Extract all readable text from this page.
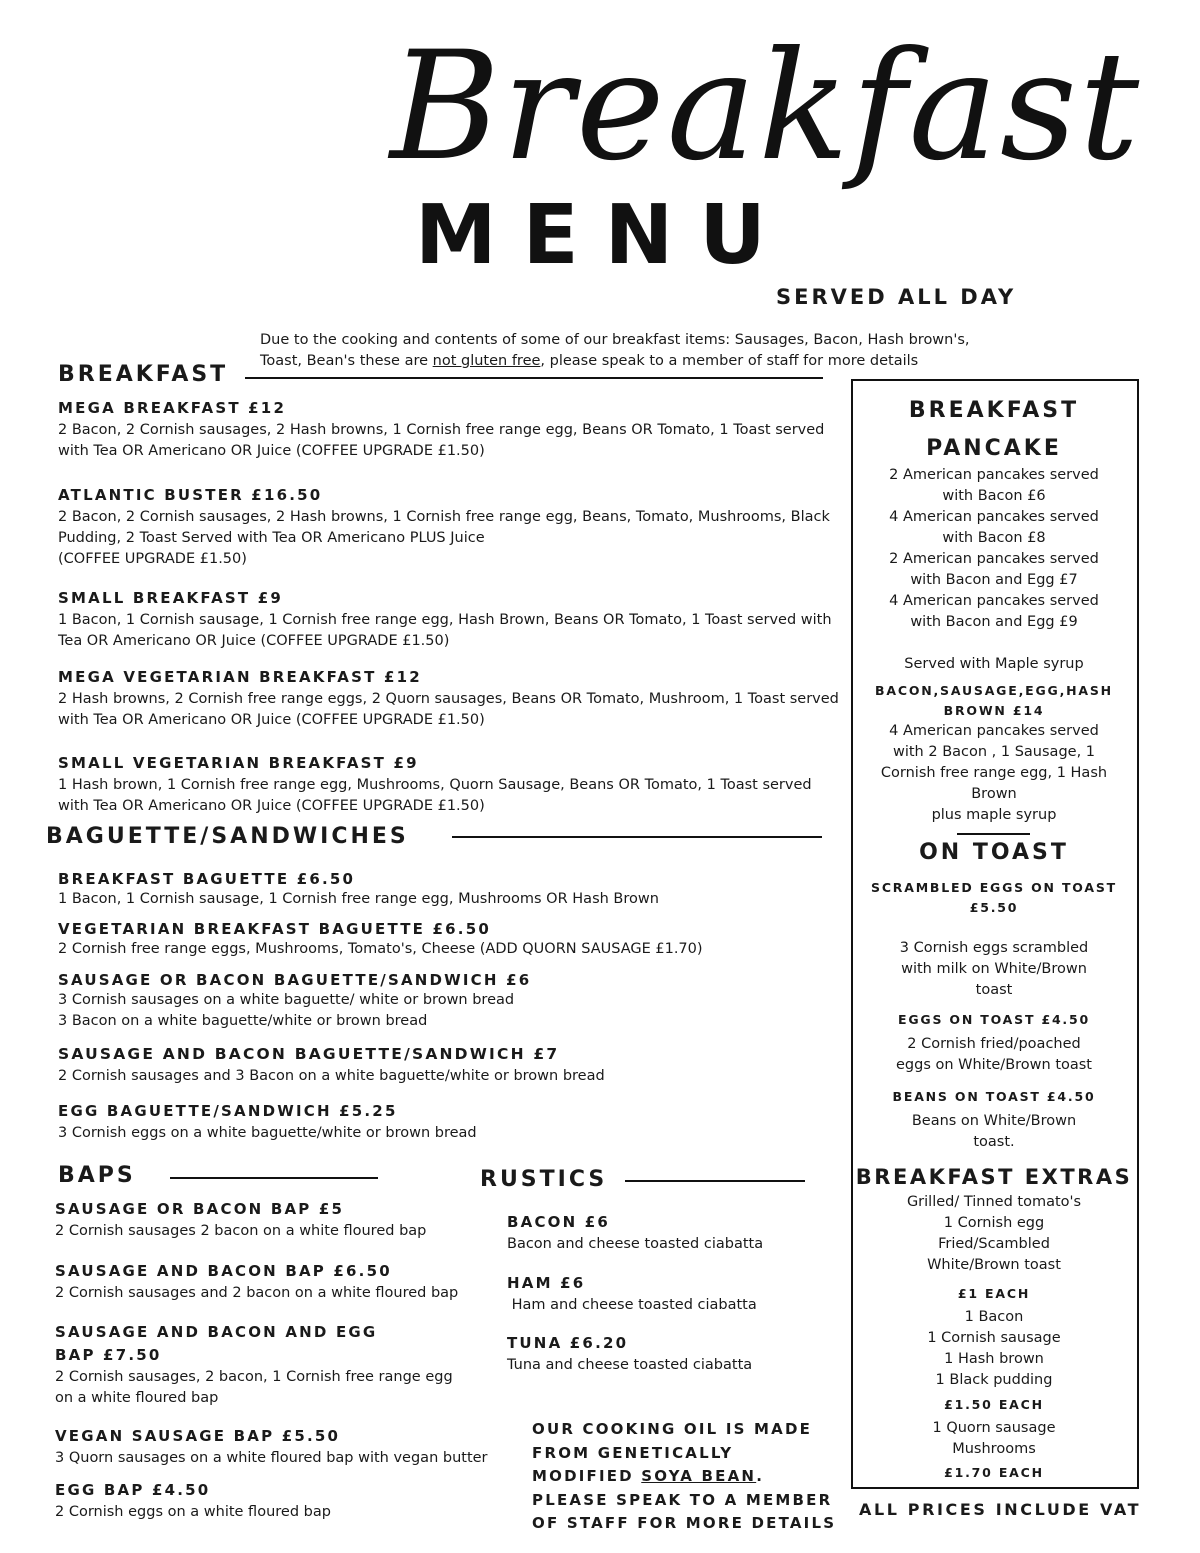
Breakfast
MENU
SERVED ALL DAY
Due to the cooking and contents of some of our breakfast items: Sausages, Bacon, Hash brown's,
Toast, Bean's these are not gluten free, please speak to a member of staff for more details
BREAKFAST
MEGA BREAKFAST £12
2 Bacon, 2 Cornish sausages, 2 Hash browns, 1 Cornish free range egg, Beans OR Tomato, 1 Toast served with Tea OR Americano OR Juice (COFFEE UPGRADE £1.50)
ATLANTIC BUSTER £16.50
2 Bacon, 2 Cornish sausages, 2 Hash browns, 1 Cornish free range egg, Beans, Tomato, Mushrooms, Black Pudding, 2 Toast Served with Tea OR Americano PLUS Juice
(COFFEE UPGRADE £1.50)
SMALL BREAKFAST £9
1 Bacon, 1 Cornish sausage, 1 Cornish free range egg, Hash Brown, Beans OR Tomato, 1 Toast served with Tea OR Americano OR Juice (COFFEE UPGRADE £1.50)
MEGA VEGETARIAN BREAKFAST £12
2 Hash browns, 2 Cornish free range eggs, 2 Quorn sausages, Beans OR Tomato, Mushroom, 1 Toast served with Tea OR Americano OR Juice (COFFEE UPGRADE £1.50)
SMALL VEGETARIAN BREAKFAST £9
1 Hash brown, 1 Cornish free range egg, Mushrooms, Quorn Sausage, Beans OR Tomato, 1 Toast served with Tea OR Americano OR Juice (COFFEE UPGRADE £1.50)
BAGUETTE/SANDWICHES
BREAKFAST BAGUETTE £6.50
1 Bacon, 1 Cornish sausage, 1 Cornish free range egg, Mushrooms OR Hash Brown
VEGETARIAN BREAKFAST BAGUETTE £6.50
2 Cornish free range eggs, Mushrooms, Tomato's, Cheese (ADD QUORN SAUSAGE £1.70)
SAUSAGE OR BACON BAGUETTE/SANDWICH £6
3 Cornish sausages on a white baguette/ white or brown bread
3 Bacon on a white baguette/white or brown bread
SAUSAGE AND BACON BAGUETTE/SANDWICH £7
2 Cornish sausages and 3 Bacon on a white baguette/white or brown bread
EGG BAGUETTE/SANDWICH £5.25
3 Cornish eggs on a white baguette/white or brown bread
BAPS
SAUSAGE OR BACON BAP £5
2 Cornish sausages 2 bacon on a white floured bap
SAUSAGE AND BACON BAP £6.50
2 Cornish sausages and 2 bacon on a white floured bap
SAUSAGE AND BACON AND EGG
BAP £7.50
2 Cornish sausages, 2 bacon, 1 Cornish free range egg
on a white floured bap
VEGAN SAUSAGE BAP £5.50
3 Quorn sausages on a white floured bap with vegan butter
EGG BAP £4.50
2 Cornish eggs on a white floured bap
RUSTICS
BACON £6
Bacon and cheese toasted ciabatta
HAM £6
Ham and cheese toasted ciabatta
TUNA £6.20
Tuna and cheese toasted ciabatta
OUR COOKING OIL IS MADE
FROM GENETICALLY
MODIFIED SOYA BEAN.
PLEASE SPEAK TO A MEMBER
OF STAFF FOR MORE DETAILS
BREAKFAST
PANCAKE
2 American pancakes served
with Bacon £6
4 American pancakes served
with Bacon £8
2 American pancakes served
with Bacon and Egg £7
4 American pancakes served
with Bacon and Egg £9
Served with Maple syrup
BACON,SAUSAGE,EGG,HASH
BROWN £14
4 American pancakes served
with 2 Bacon , 1 Sausage, 1
Cornish free range egg, 1 Hash
Brown
plus maple syrup
ON TOAST
SCRAMBLED EGGS ON TOAST
£5.50
3 Cornish eggs scrambled
with milk on White/Brown
toast
EGGS ON TOAST £4.50
2 Cornish fried/poached
eggs on White/Brown toast
BEANS ON TOAST £4.50
Beans on White/Brown
toast.
BREAKFAST EXTRAS
Grilled/ Tinned tomato's
1 Cornish egg
Fried/Scambled
White/Brown toast
£1 EACH
1 Bacon
1 Cornish sausage
1 Hash brown
1 Black pudding
£1.50 EACH
1 Quorn sausage
Mushrooms
£1.70 EACH
ALL PRICES INCLUDE VAT
